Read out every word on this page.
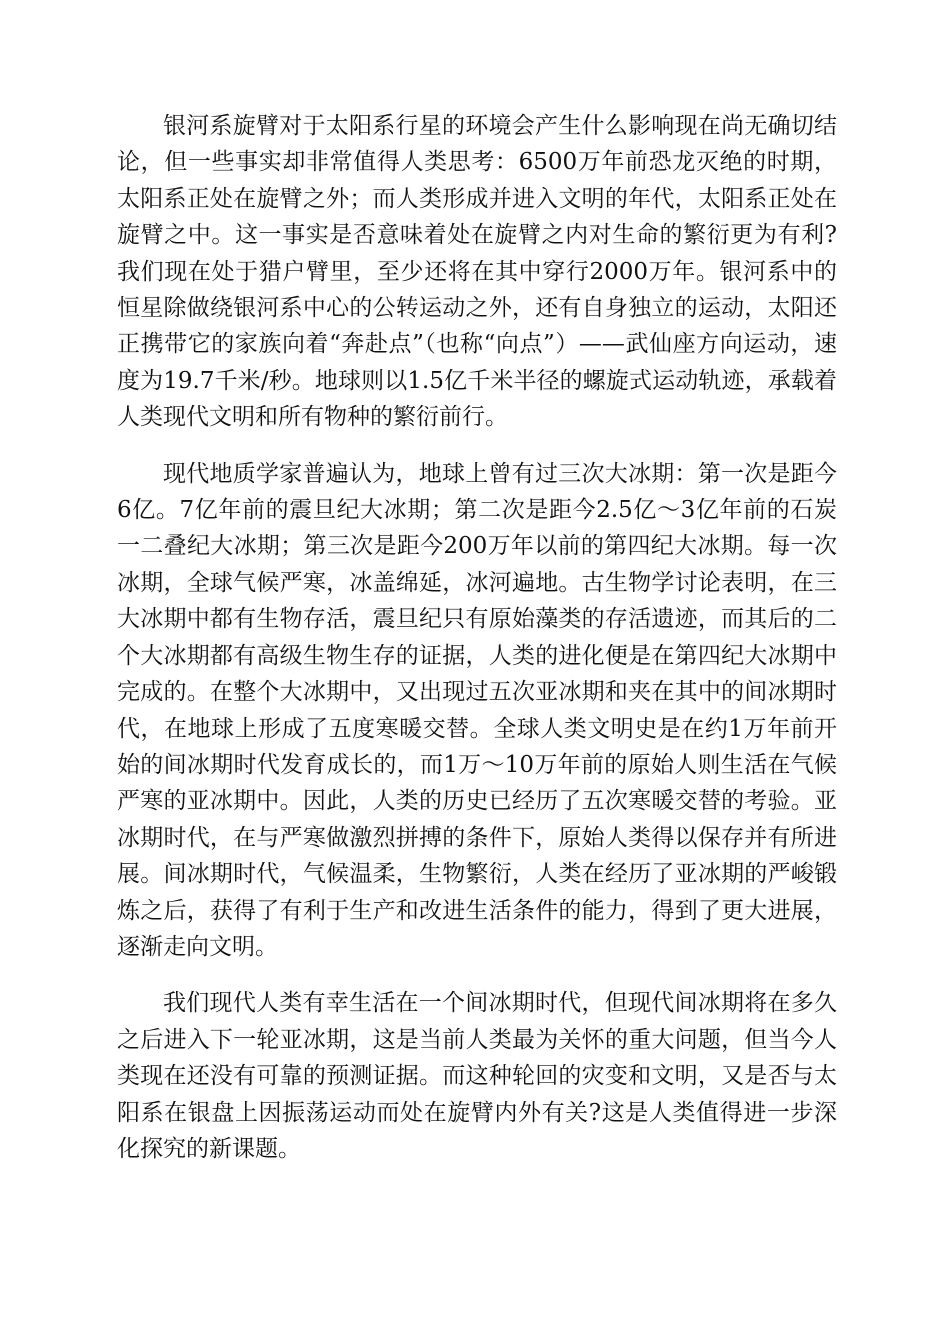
银河系旋臂对于太阳系行星的环境会产生什么影响现在尚无确切结论，但一些事实却非常值得人类思考：6500万年前恐龙灭绝的时期，太阳系正处在旋臂之外；而人类形成并进入文明的年代，太阳系正处在旋臂之中。这一事实是否意味着处在旋臂之内对生命的繁衍更为有利?我们现在处于猎户臂里，至少还将在其中穿行2000万年。银河系中的恒星除做绕银河系中心的公转运动之外，还有自身独立的运动，太阳还正携带它的家族向着“奔赴点”（也称“向点”）——武仙座方向运动，速度为19.7千米/秒。地球则以1.5亿千米半径的螺旋式运动轨迹，承载着人类现代文明和所有物种的繁衍前行。

现代地质学家普遍认为，地球上曾有过三次大冰期：第一次是距今6亿。7亿年前的震旦纪大冰期；第二次是距今2.5亿～3亿年前的石炭一二叠纪大冰期；第三次是距今200万年以前的第四纪大冰期。每一次冰期，全球气候严寒，冰盖绵延，冰河遍地。古生物学讨论表明，在三大冰期中都有生物存活，震旦纪只有原始藻类的存活遗迹，而其后的二个大冰期都有高级生物生存的证据，人类的进化便是在第四纪大冰期中完成的。在整个大冰期中，又出现过五次亚冰期和夹在其中的间冰期时代，在地球上形成了五度寒暖交替。全球人类文明史是在约1万年前开始的间冰期时代发育成长的，而1万～10万年前的原始人则生活在气候严寒的亚冰期中。因此，人类的历史已经历了五次寒暖交替的考验。亚冰期时代，在与严寒做激烈拼搏的条件下，原始人类得以保存并有所进展。间冰期时代，气候温柔，生物繁衍，人类在经历了亚冰期的严峻锻炼之后，获得了有利于生产和改进生活条件的能力，得到了更大进展，逐渐走向文明。

我们现代人类有幸生活在一个间冰期时代，但现代间冰期将在多久之后进入下一轮亚冰期，这是当前人类最为关怀的重大问题，但当今人类现在还没有可靠的预测证据。而这种轮回的灾变和文明，又是否与太阳系在银盘上因振荡运动而处在旋臂内外有关?这是人类值得进一步深化探究的新课题。
